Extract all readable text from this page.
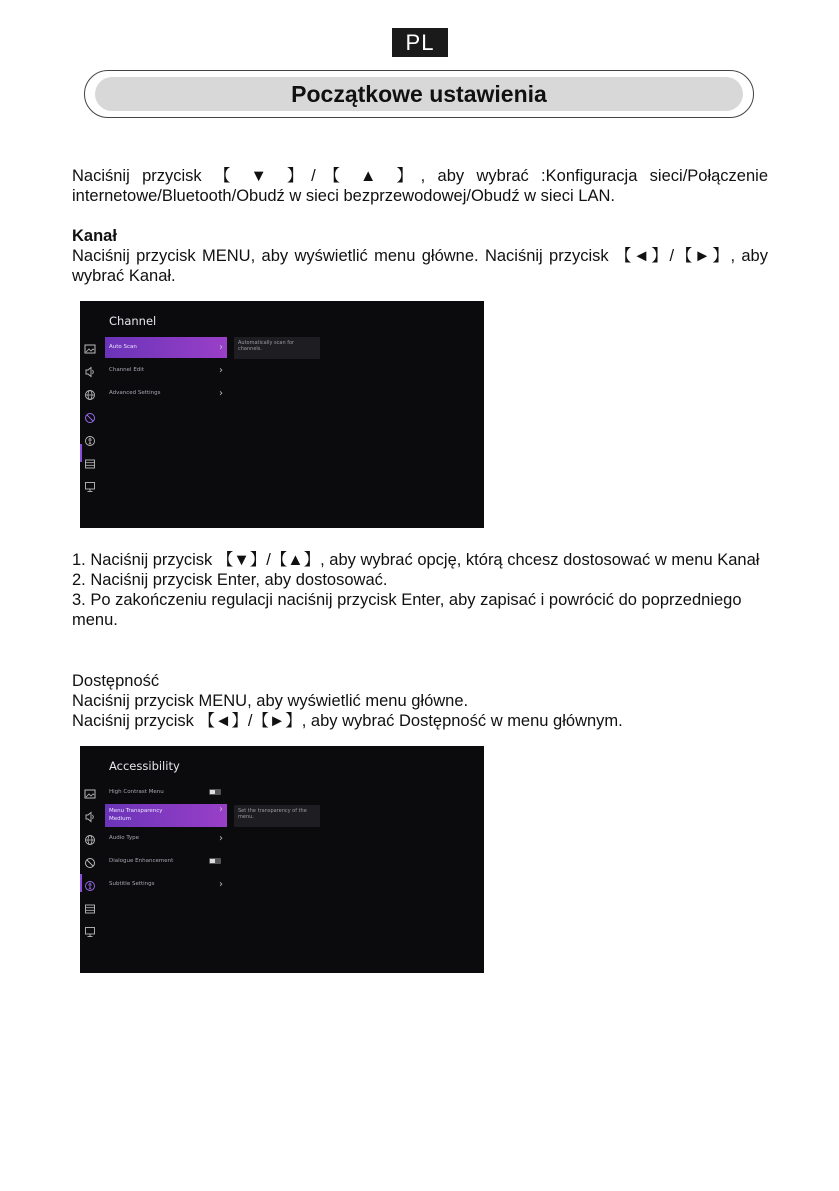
PL
Początkowe ustawienia
Naciśnij przycisk 【 ▼ 】/【 ▲ 】, aby wybrać :Konfiguracja sieci/Połączenie internetowe/Bluetooth/Obudź w sieci bezprzewodowej/Obudź w sieci LAN.

Kanał

Naciśnij przycisk MENU, aby wyświetlić menu główne. Naciśnij przycisk 【◄】/【►】, aby wybrać Kanał.

Channel
Auto Scan	›
Channel Edit	›
Advanced Settings	›
Automatically scan for channels.

1. Naciśnij przycisk 【▼】/【▲】, aby wybrać opcję, którą chcesz dostosować w menu Kanał

2. Naciśnij przycisk Enter, aby dostosować.

3. Po zakończeniu regulacji naciśnij przycisk Enter, aby zapisać i powrócić do poprzedniego menu.

Dostępność

Naciśnij przycisk MENU, aby wyświetlić menu główne.

Naciśnij przycisk 【◄】/【►】, aby wybrać Dostępność w menu głównym.

Accessibility
High Contrast Menu
Menu Transparency
Medium
›
Audio Type	›
Dialogue Enhancement
Subtitle Settings	›
Set the transparency of the menu.
